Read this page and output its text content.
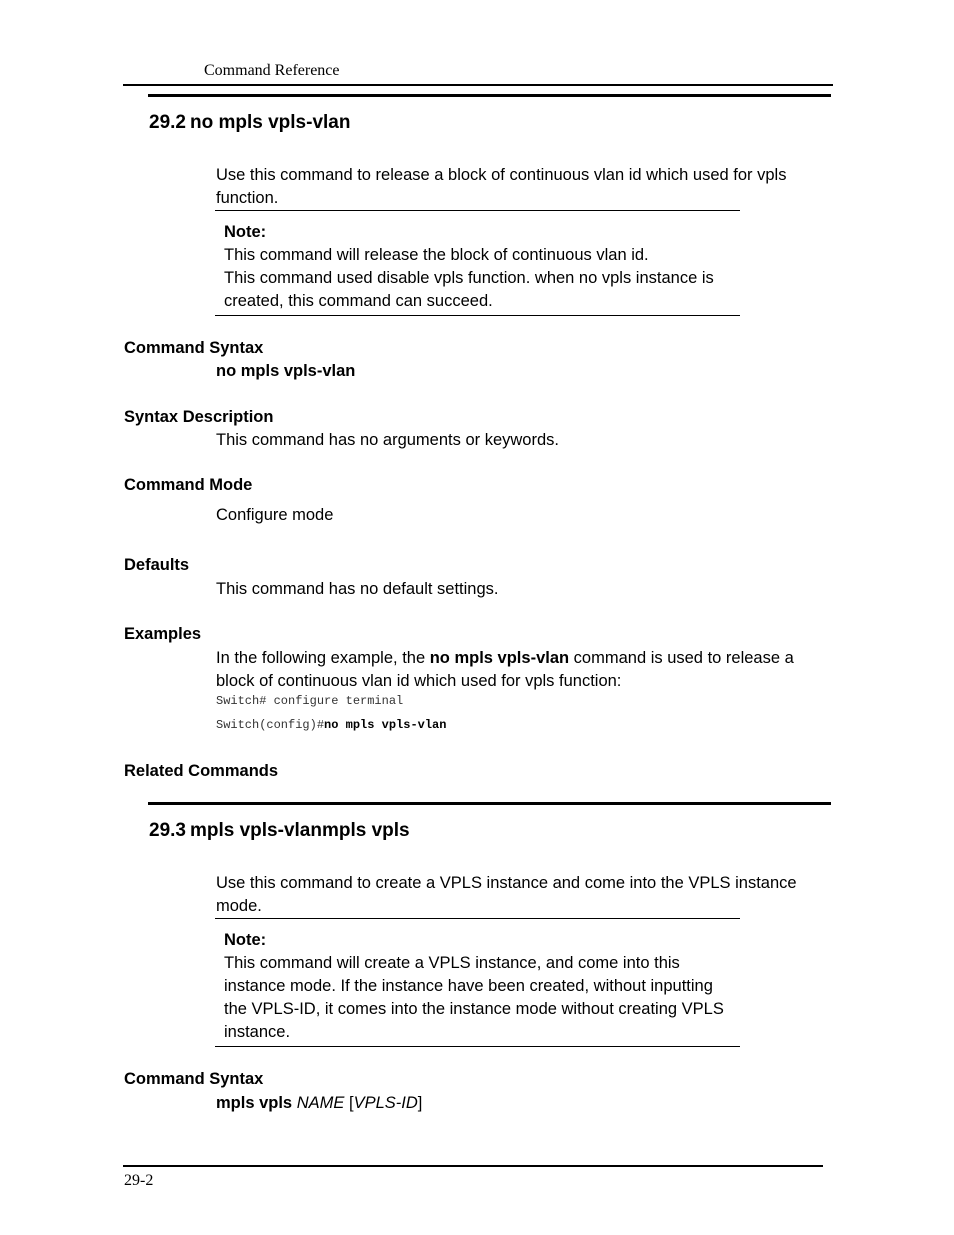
Command Reference
29.2 no mpls vpls-vlan
Use this command to release a block of continuous vlan id which used for vpls function.
Note:
This command will release the block of continuous vlan id.
This command used disable vpls function. when no vpls instance is created, this command can succeed.
Command Syntax
no mpls vpls-vlan
Syntax Description
This command has no arguments or keywords.
Command Mode
Configure mode
Defaults
This command has no default settings.
Examples
In the following example, the no mpls vpls-vlan command is used to release a block of continuous vlan id which used for vpls function:
Switch# configure terminal
Switch(config)#no mpls vpls-vlan
Related Commands
29.3 mpls vpls-vlanmpls vpls
Use this command to create a VPLS instance and come into the VPLS instance mode.
Note:
This command will create a VPLS instance, and come into this instance mode. If the instance have been created, without inputting the VPLS-ID, it comes into the instance mode without creating VPLS instance.
Command Syntax
mpls vpls NAME [VPLS-ID]
29-2
